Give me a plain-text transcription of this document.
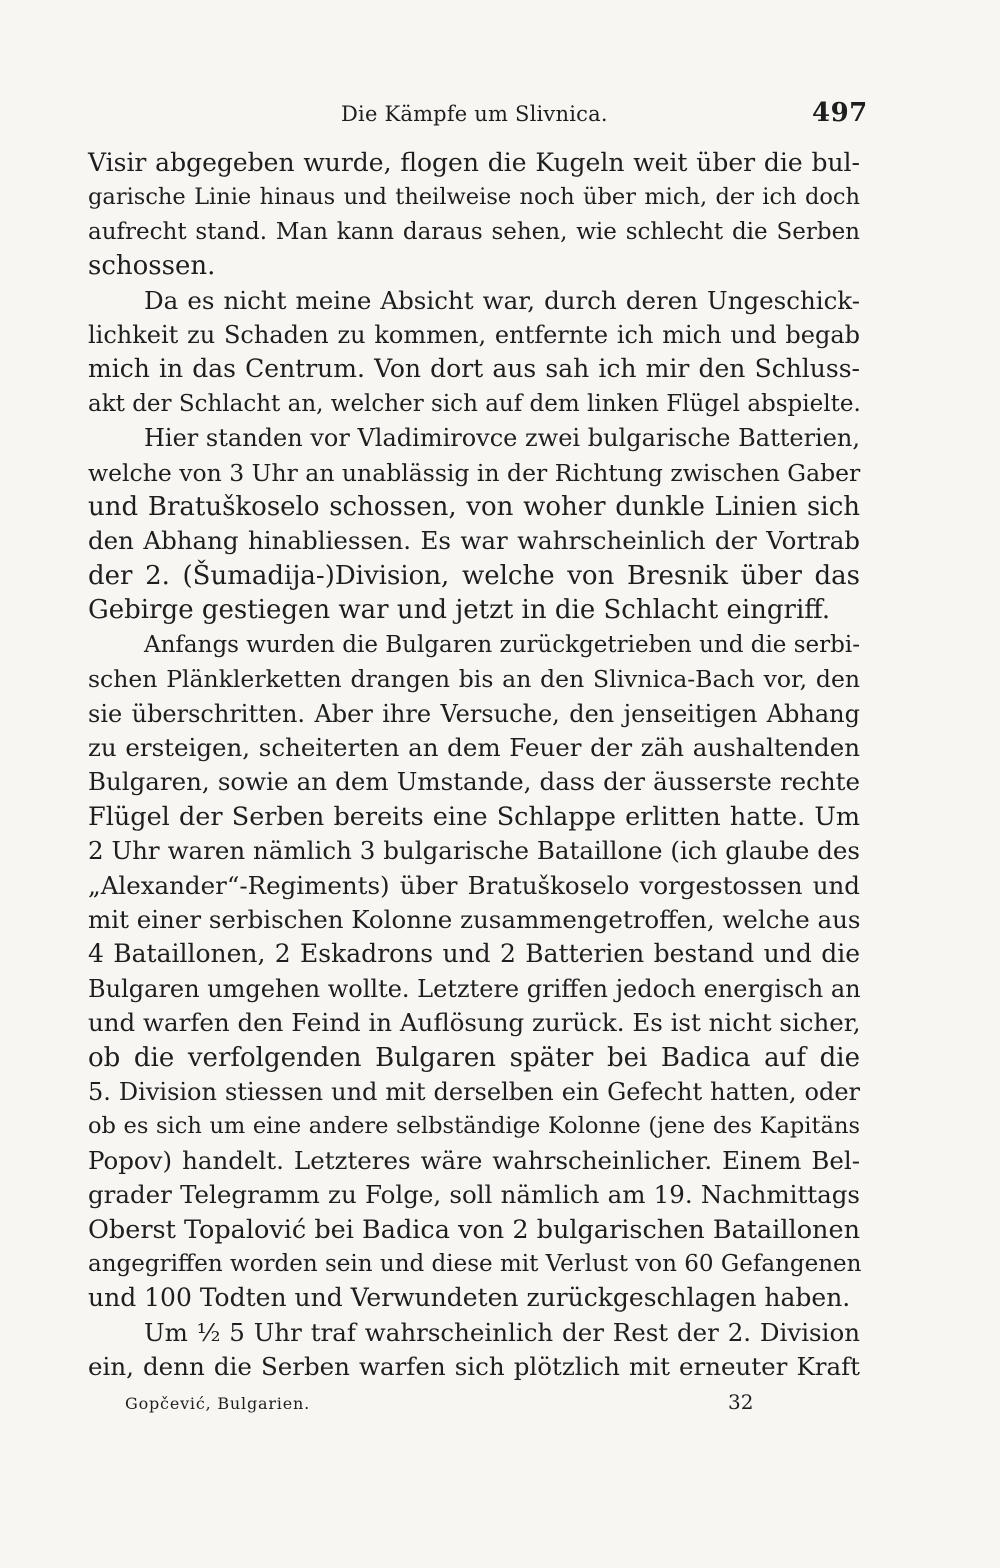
Die Kämpfe um Slivnica.	497
Visir abgegeben wurde, flogen die Kugeln weit über die bul-
garische Linie hinaus und theilweise noch über mich, der ich doch
aufrecht stand. Man kann daraus sehen, wie schlecht die Serben
schossen.
Da es nicht meine Absicht war, durch deren Ungeschick-
lichkeit zu Schaden zu kommen, entfernte ich mich und begab
mich in das Centrum. Von dort aus sah ich mir den Schluss-
akt der Schlacht an, welcher sich auf dem linken Flügel abspielte.
Hier standen vor Vladimirovce zwei bulgarische Batterien,
welche von 3 Uhr an unablässig in der Richtung zwischen Gaber
und Bratuškoselo schossen, von woher dunkle Linien sich
den Abhang hinabliessen. Es war wahrscheinlich der Vortrab
der 2. (Šumadija-)Division, welche von Bresnik über das
Gebirge gestiegen war und jetzt in die Schlacht eingriff.
Anfangs wurden die Bulgaren zurückgetrieben und die serbi-
schen Plänklerketten drangen bis an den Slivnica-Bach vor, den
sie überschritten. Aber ihre Versuche, den jenseitigen Abhang
zu ersteigen, scheiterten an dem Feuer der zäh aushaltenden
Bulgaren, sowie an dem Umstande, dass der äusserste rechte
Flügel der Serben bereits eine Schlappe erlitten hatte. Um
2 Uhr waren nämlich 3 bulgarische Bataillone (ich glaube des
„Alexander“-Regiments) über Bratuškoselo vorgestossen und
mit einer serbischen Kolonne zusammengetroffen, welche aus
4 Bataillonen, 2 Eskadrons und 2 Batterien bestand und die
Bulgaren umgehen wollte. Letztere griffen jedoch energisch an
und warfen den Feind in Auflösung zurück. Es ist nicht sicher,
ob die verfolgenden Bulgaren später bei Badica auf die
5. Division stiessen und mit derselben ein Gefecht hatten, oder
ob es sich um eine andere selbständige Kolonne (jene des Kapitäns
Popov) handelt. Letzteres wäre wahrscheinlicher. Einem Bel-
grader Telegramm zu Folge, soll nämlich am 19. Nachmittags
Oberst Topalović bei Badica von 2 bulgarischen Bataillonen
angegriffen worden sein und diese mit Verlust von 60 Gefangenen
und 100 Todten und Verwundeten zurückgeschlagen haben.
Um ½ 5 Uhr traf wahrscheinlich der Rest der 2. Division
ein, denn die Serben warfen sich plötzlich mit erneuter Kraft
Gopčević, Bulgarien.	32
